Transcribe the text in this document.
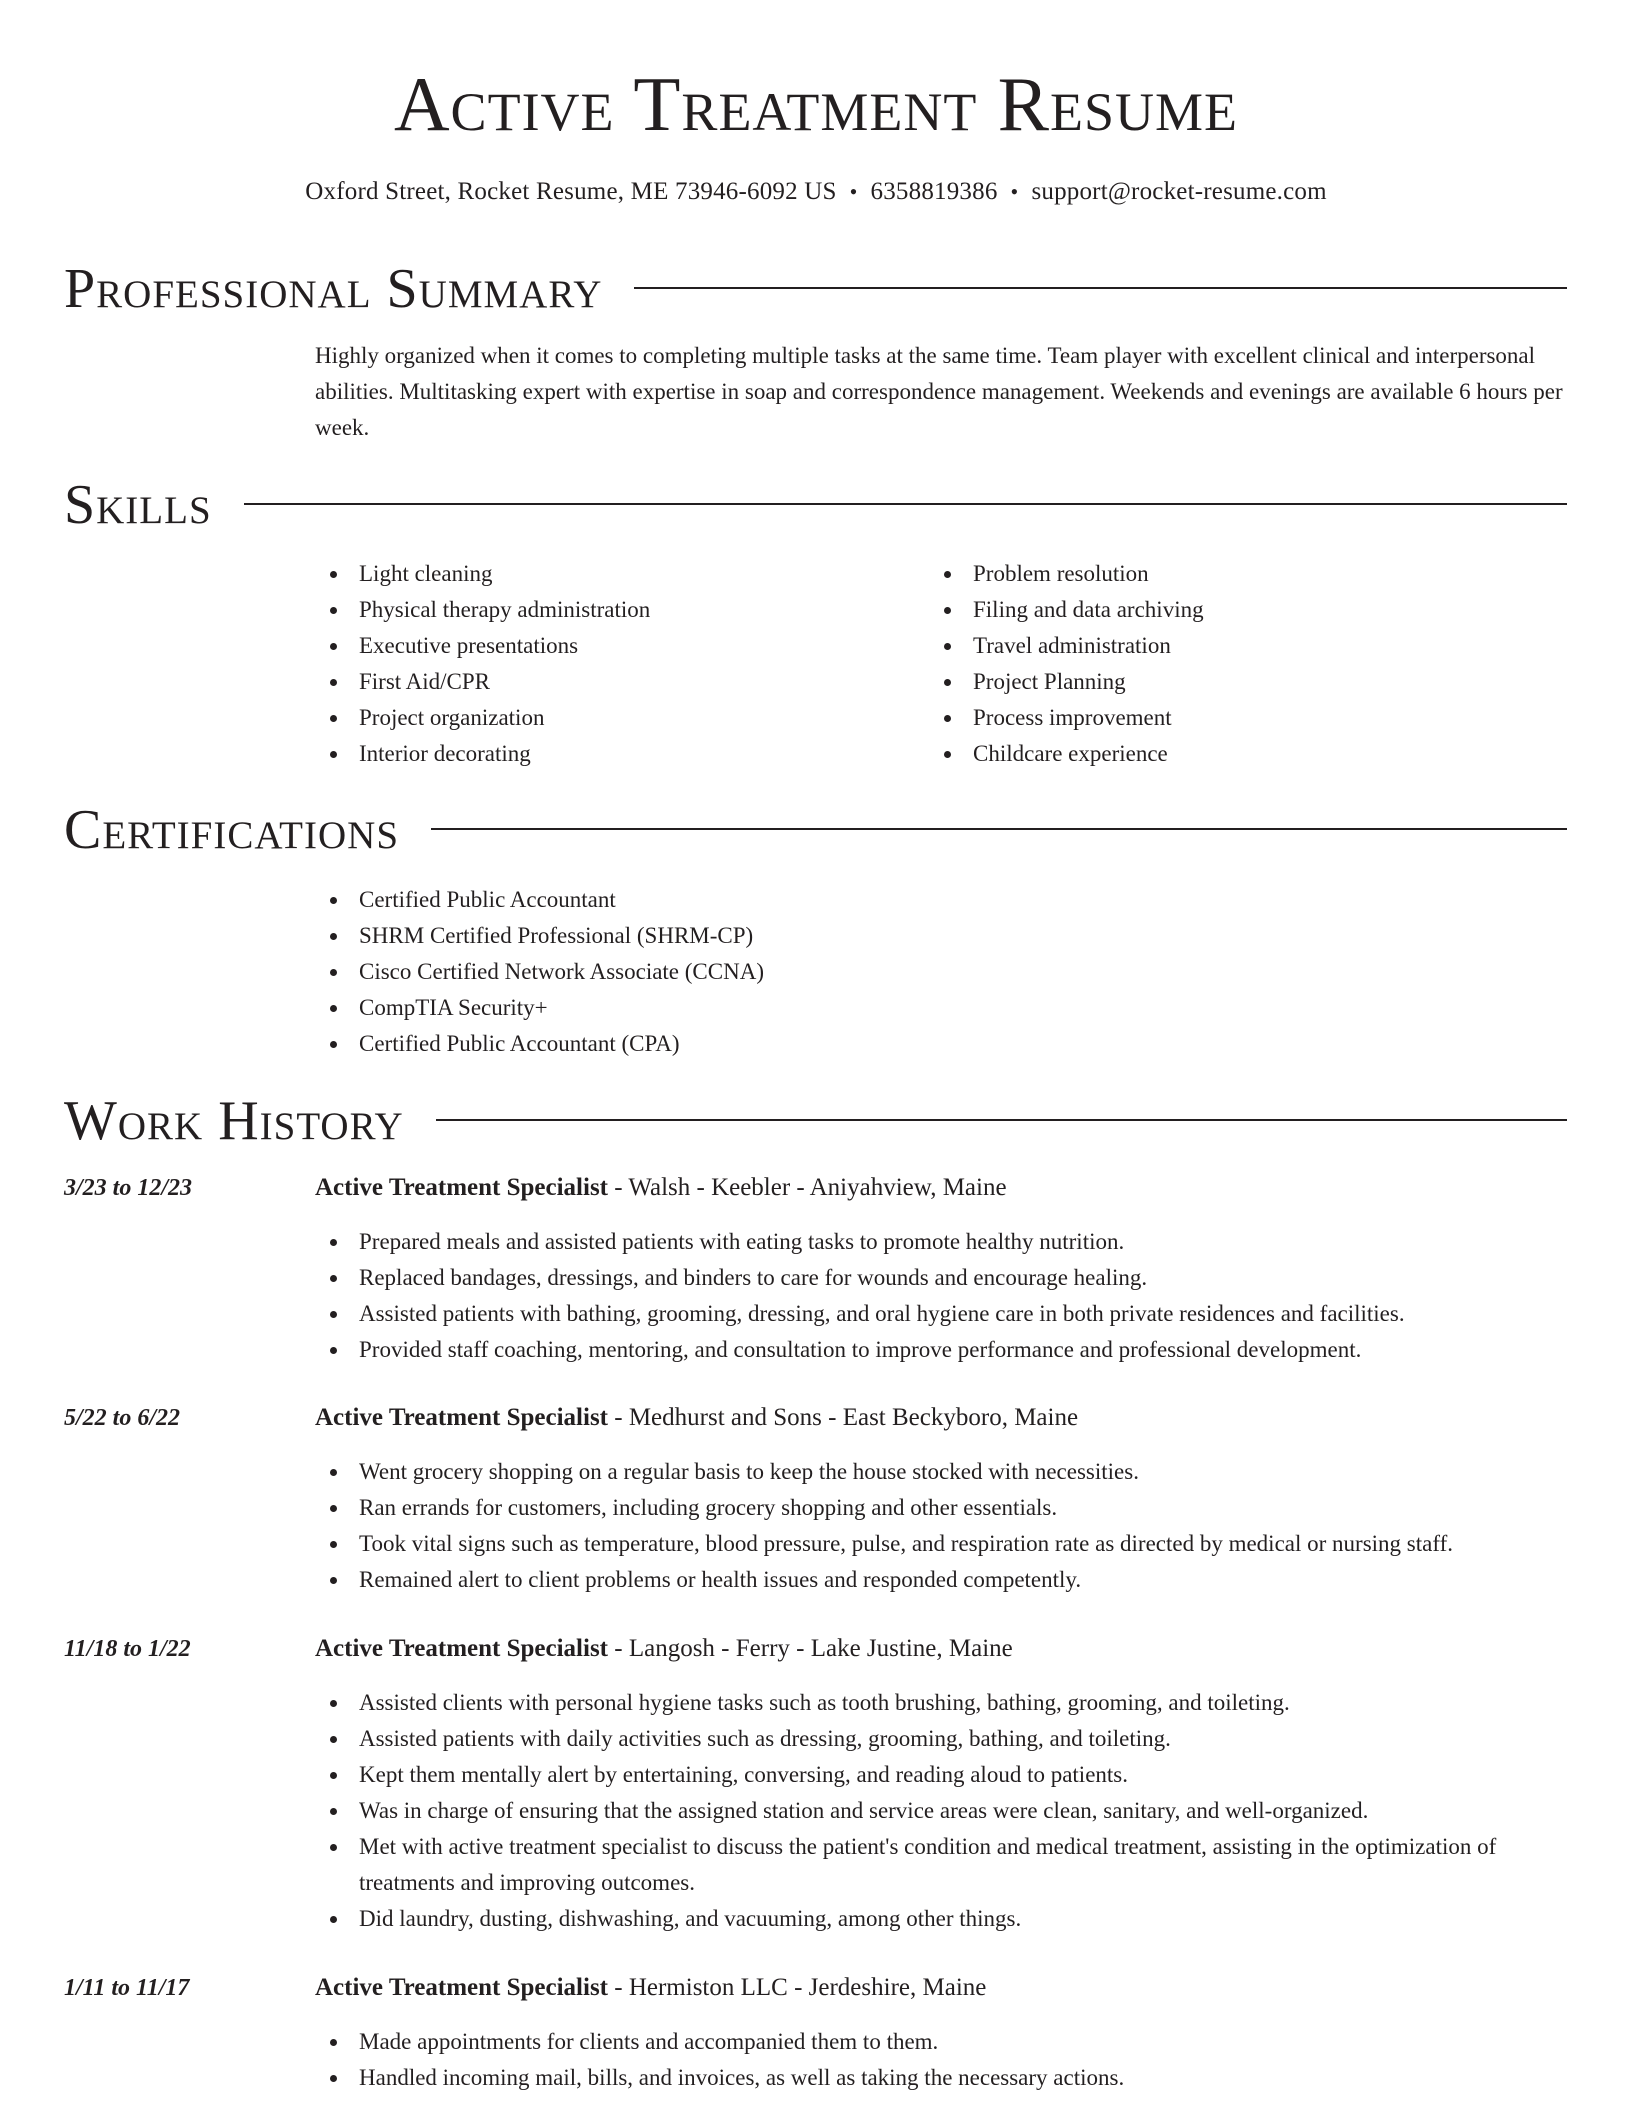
Active Treatment Resume
Oxford Street, Rocket Resume, ME 73946-6092 US • 6358819386 • support@rocket-resume.com
Professional Summary

Highly organized when it comes to completing multiple tasks at the same time. Team player with excellent clinical and interpersonal abilities. Multitasking expert with expertise in soap and correspondence management. Weekends and evenings are available 6 hours per week.

Skills
Light cleaning
Physical therapy administration
Executive presentations
First Aid/CPR
Project organization
Interior decorating
Problem resolution
Filing and data archiving
Travel administration
Project Planning
Process improvement
Childcare experience
Certifications
Certified Public Accountant
SHRM Certified Professional (SHRM-CP)
Cisco Certified Network Associate (CCNA)
CompTIA Security+
Certified Public Accountant (CPA)
Work History
3/23 to 12/23	Active Treatment Specialist - Walsh - Keebler - Aniyahview, Maine
Prepared meals and assisted patients with eating tasks to promote healthy nutrition.
Replaced bandages, dressings, and binders to care for wounds and encourage healing.
Assisted patients with bathing, grooming, dressing, and oral hygiene care in both private residences and facilities.
Provided staff coaching, mentoring, and consultation to improve performance and professional development.
5/22 to 6/22	Active Treatment Specialist - Medhurst and Sons - East Beckyboro, Maine
Went grocery shopping on a regular basis to keep the house stocked with necessities.
Ran errands for customers, including grocery shopping and other essentials.
Took vital signs such as temperature, blood pressure, pulse, and respiration rate as directed by medical or nursing staff.
Remained alert to client problems or health issues and responded competently.
11/18 to 1/22	Active Treatment Specialist - Langosh - Ferry - Lake Justine, Maine
Assisted clients with personal hygiene tasks such as tooth brushing, bathing, grooming, and toileting.
Assisted patients with daily activities such as dressing, grooming, bathing, and toileting.
Kept them mentally alert by entertaining, conversing, and reading aloud to patients.
Was in charge of ensuring that the assigned station and service areas were clean, sanitary, and well-organized.
Met with active treatment specialist to discuss the patient's condition and medical treatment, assisting in the optimization of treatments and improving outcomes.
Did laundry, dusting, dishwashing, and vacuuming, among other things.
1/11 to 11/17	Active Treatment Specialist - Hermiston LLC - Jerdeshire, Maine
Made appointments for clients and accompanied them to them.
Handled incoming mail, bills, and invoices, as well as taking the necessary actions.
